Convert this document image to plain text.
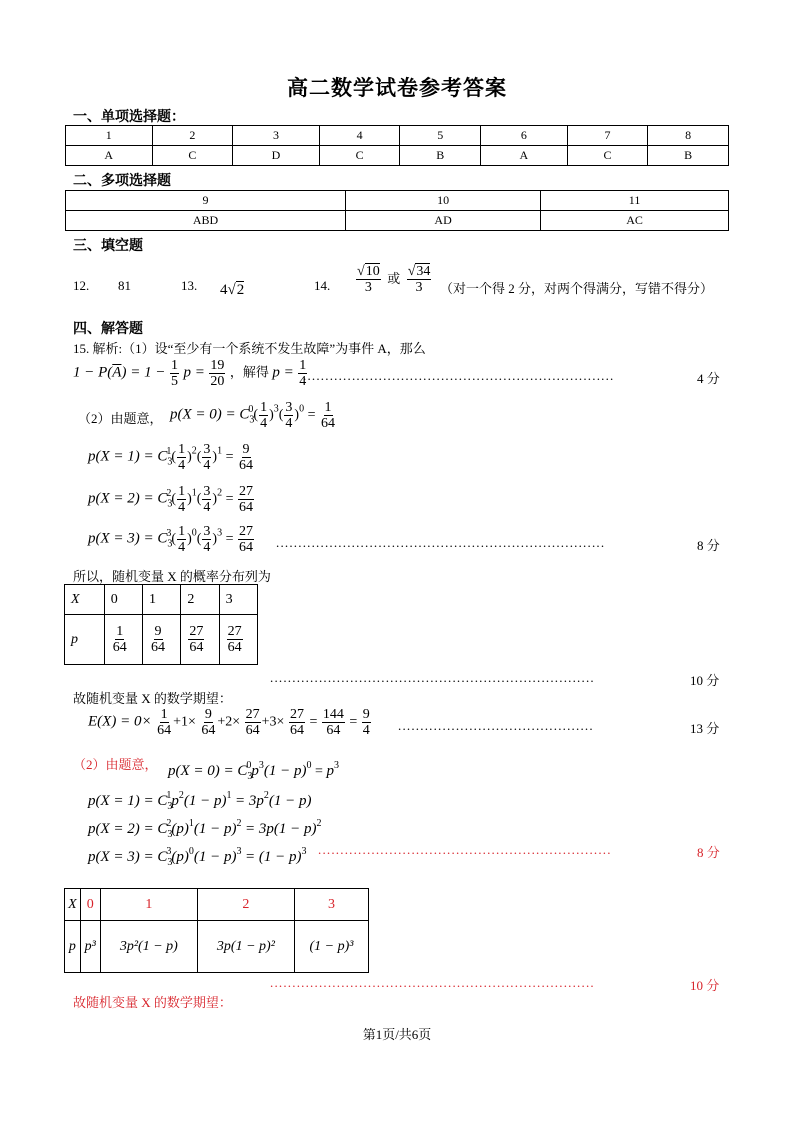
高二数学试卷参考答案
一、单项选择题：
1	2	3	4	5	6	7	8
A	C	D	C	B	A	C	B
二、多项选择题
9	10	11
ABD	AD	AC
三、填空题
12. 81	13. 4√2	14. $\frac{√10}{3}$ 或 $\frac{√34}{3}$ （对一个得 2 分，对两个得满分，写错不得分）
四、解答题
15. 解析:（1）设“至少有一个系统不发生故障”为事件 A，那么
$1 - P(\overline{A}) = 1 - \frac{1}{5}$ $p = \frac{19}{20}$ ，解得 $p = \frac{1}{4}$
......................................................................	4 分
（2）由题意， $p(X = 0) = C_3^0( \frac{1}{4} )^3( \frac{3}{4} )^0 = \frac{1}{64}$
$p(X = 1) = C_3^1( \frac{1}{4} )^2( \frac{3}{4} )^1 = \frac{9}{64}$
$p(X = 2) = C_3^2( \frac{1}{4} )^1( \frac{3}{4} )^2 = \frac{27}{64}$
$p(X = 3) = C_3^3( \frac{1}{4} )^0( \frac{3}{4} )^3 = \frac{27}{64}$ ..........................................................................	8 分
所以，随机变量 X 的概率分布列为
X	0	1	2	3
p	$\frac{1}{64}$	$\frac{9}{64}$	$\frac{27}{64}$	$\frac{27}{64}$
.........................................................................	10 分
故随机变量 X 的数学期望：
$E(X) = 0\times \frac{1}{64} +1\times \frac{9}{64} +2\times \frac{27}{64} +3\times \frac{27}{64} = \frac{144}{64} = \frac{9}{4}$ ............................................	13 分
（2）由题意， $p(X = 0) = C_3^0p^3(1 - p)^0 = p^3$
$p(X = 1) = C_3^1p^2(1 - p)^1 = 3p^2(1 - p)$
$p(X = 2) = C_3^2(p)^1(1 - p)^2 = 3p(1 - p)^2$
$p(X = 3) = C_3^3(p)^0(1 - p)^3 = (1 - p)^3$ ..................................................................	8 分
X	0	1	2	3
p	p³	3p²(1 − p)	3p(1 − p)²	(1 − p)³
.........................................................................	10 分
故随机变量 X 的数学期望：
第1页/共6页
